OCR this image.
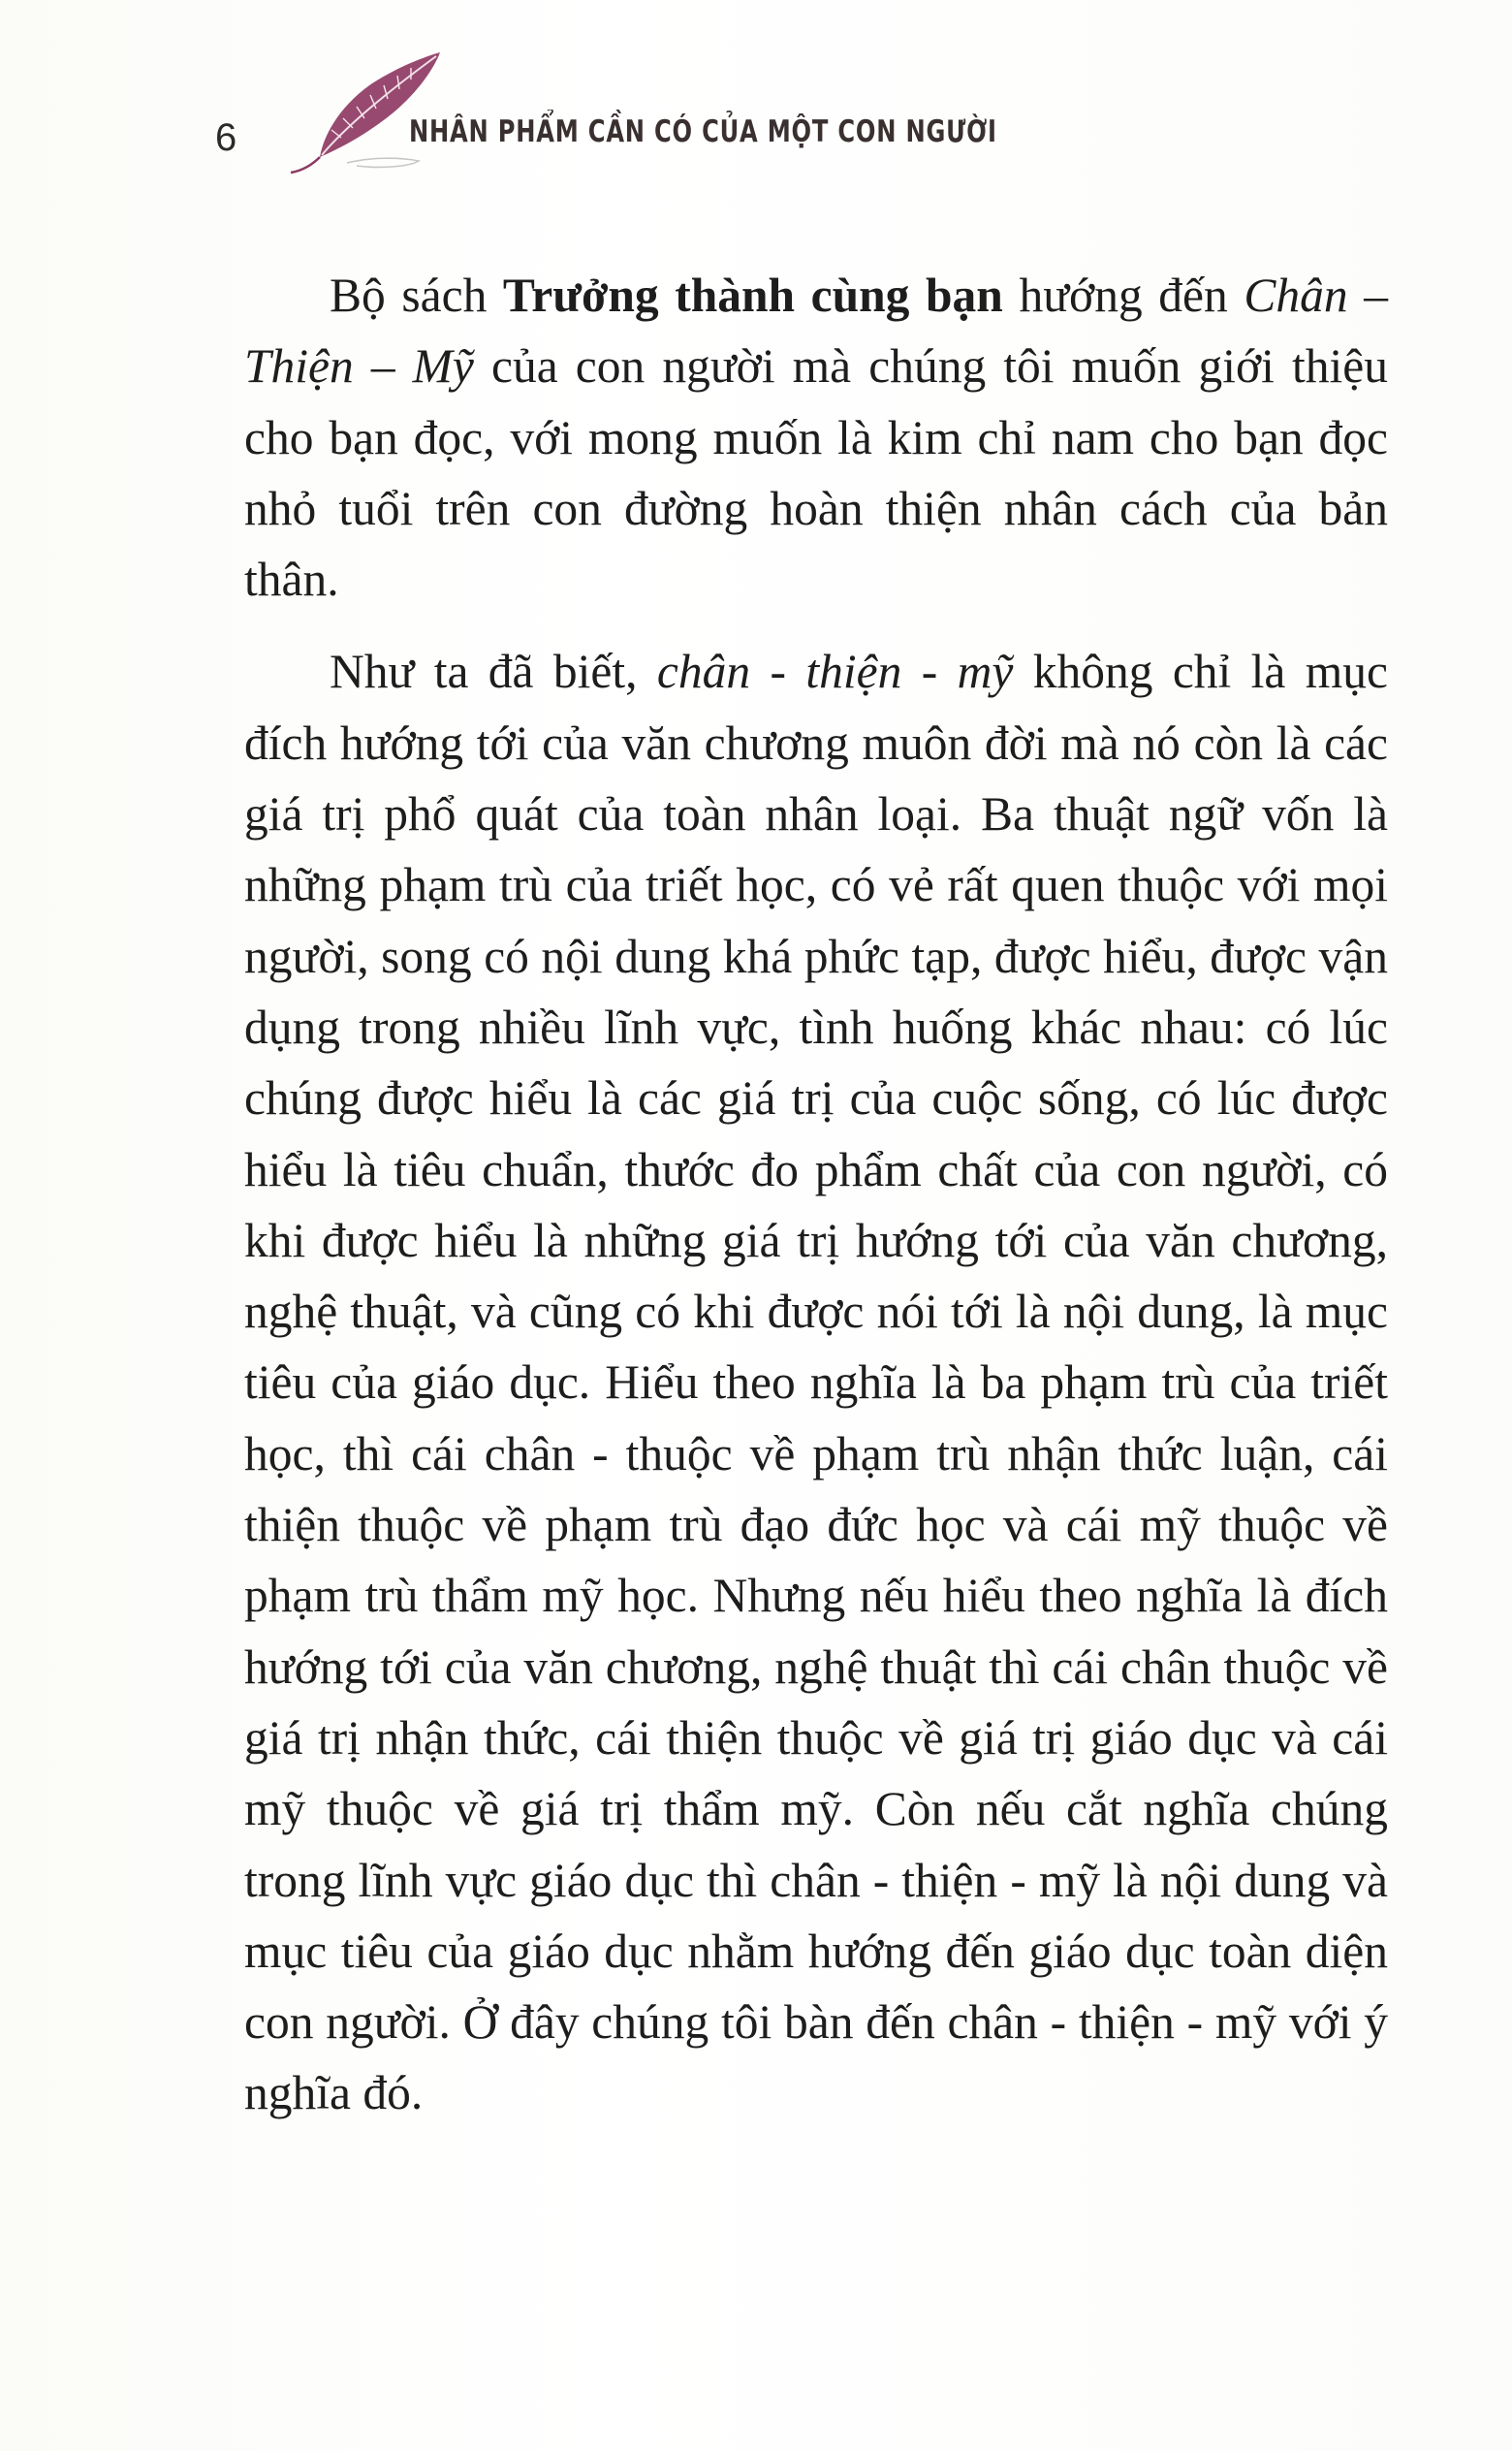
6	NHÂN PHẨM CẦN CÓ CỦA MỘT CON NGƯỜI

Bộ sách Trưởng thành cùng bạn hướng đến Chân – Thiện – Mỹ của con người mà chúng tôi muốn giới thiệu cho bạn đọc, với mong muốn là kim chỉ nam cho bạn đọc nhỏ tuổi trên con đường hoàn thiện nhân cách của bản thân.

Như ta đã biết, chân - thiện - mỹ không chỉ là mục đích hướng tới của văn chương muôn đời mà nó còn là các giá trị phổ quát của toàn nhân loại. Ba thuật ngữ vốn là những phạm trù của triết học, có vẻ rất quen thuộc với mọi người, song có nội dung khá phức tạp, được hiểu, được vận dụng trong nhiều lĩnh vực, tình huống khác nhau: có lúc chúng được hiểu là các giá trị của cuộc sống, có lúc được hiểu là tiêu chuẩn, thước đo phẩm chất của con người, có khi được hiểu là những giá trị hướng tới của văn chương, nghệ thuật, và cũng có khi được nói tới là nội dung, là mục tiêu của giáo dục. Hiểu theo nghĩa là ba phạm trù của triết học, thì cái chân - thuộc về phạm trù nhận thức luận, cái thiện thuộc về phạm trù đạo đức học và cái mỹ thuộc về phạm trù thẩm mỹ học. Nhưng nếu hiểu theo nghĩa là đích hướng tới của văn chương, nghệ thuật thì cái chân thuộc về giá trị nhận thức, cái thiện thuộc về giá trị giáo dục và cái mỹ thuộc về giá trị thẩm mỹ. Còn nếu cắt nghĩa chúng trong lĩnh vực giáo dục thì chân - thiện - mỹ là nội dung và mục tiêu của giáo dục nhằm hướng đến giáo dục toàn diện con người. Ở đây chúng tôi bàn đến chân - thiện - mỹ với ý nghĩa đó.
